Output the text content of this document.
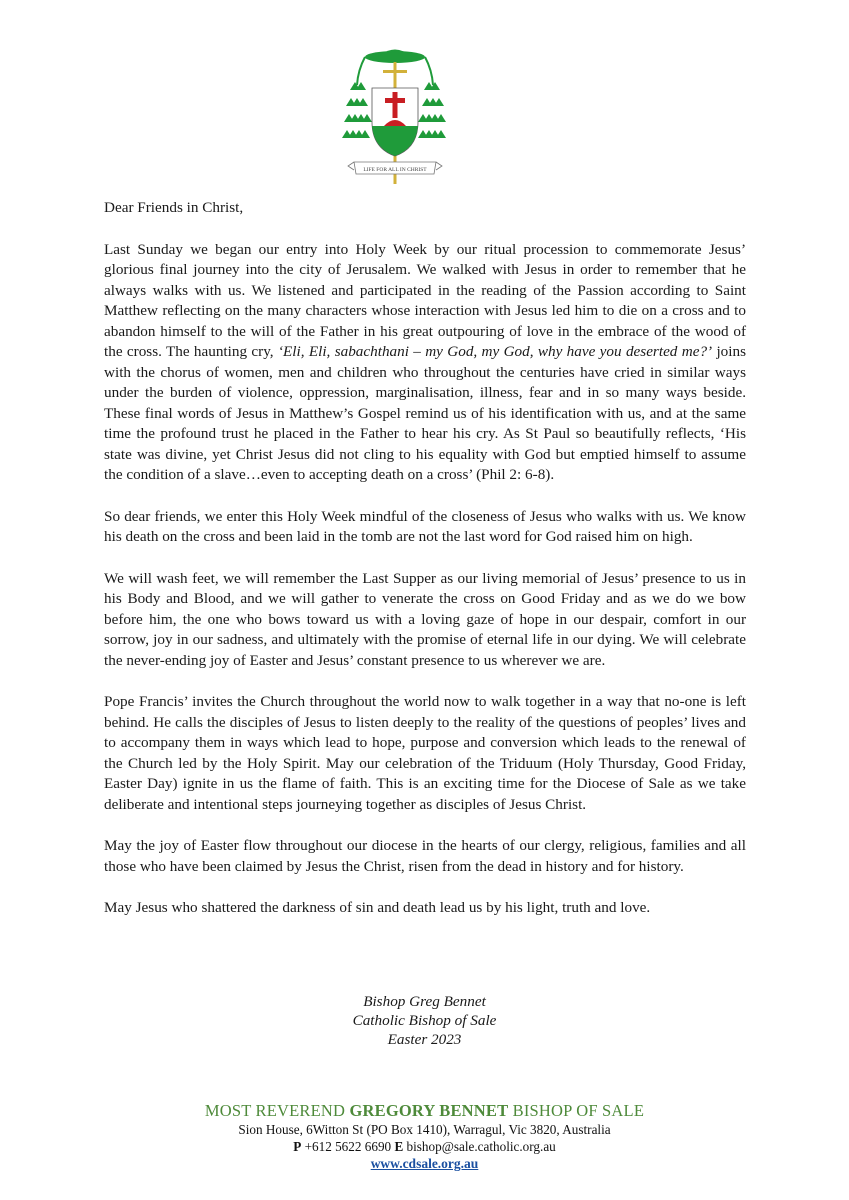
LIFE FOR ALL IN CHRIST

Dear Friends in Christ,

Last Sunday we began our entry into Holy Week by our ritual procession to commemorate Jesus’ glorious final journey into the city of Jerusalem. We walked with Jesus in order to remember that he always walks with us. We listened and participated in the reading of the Passion according to Saint Matthew reflecting on the many characters whose interaction with Jesus led him to die on a cross and to abandon himself to the will of the Father in his great outpouring of love in the embrace of the wood of the cross. The haunting cry, ‘Eli, Eli, sabachthani – my God, my God, why have you deserted me?’ joins with the chorus of women, men and children who throughout the centuries have cried in similar ways under the burden of violence, oppression, marginalisation, illness, fear and in so many ways beside. These final words of Jesus in Matthew’s Gospel remind us of his identification with us, and at the same time the profound trust he placed in the Father to hear his cry. As St Paul so beautifully reflects, ‘His state was divine, yet Christ Jesus did not cling to his equality with God but emptied himself to assume the condition of a slave…even to accepting death on a cross’ (Phil 2: 6-8).

So dear friends, we enter this Holy Week mindful of the closeness of Jesus who walks with us. We know his death on the cross and been laid in the tomb are not the last word for God raised him on high.

We will wash feet, we will remember the Last Supper as our living memorial of Jesus’ presence to us in his Body and Blood, and we will gather to venerate the cross on Good Friday and as we do we bow before him, the one who bows toward us with a loving gaze of hope in our despair, comfort in our sorrow, joy in our sadness, and ultimately with the promise of eternal life in our dying. We will celebrate the never-ending joy of Easter and Jesus’ constant presence to us wherever we are.

Pope Francis’ invites the Church throughout the world now to walk together in a way that no-one is left behind. He calls the disciples of Jesus to listen deeply to the reality of the questions of peoples’ lives and to accompany them in ways which lead to hope, purpose and conversion which leads to the renewal of the Church led by the Holy Spirit. May our celebration of the Triduum (Holy Thursday, Good Friday, Easter Day) ignite in us the flame of faith. This is an exciting time for the Diocese of Sale as we take deliberate and intentional steps journeying together as disciples of Jesus Christ.

May the joy of Easter flow throughout our diocese in the hearts of our clergy, religious, families and all those who have been claimed by Jesus the Christ, risen from the dead in history and for history.

May Jesus who shattered the darkness of sin and death lead us by his light, truth and love.

Bishop Greg Bennet
Catholic Bishop of Sale
Easter 2023
MOST REVEREND GREGORY BENNET BISHOP OF SALE
Sion House, 6Witton St (PO Box 1410), Warragul, Vic 3820, Australia
P +612 5622 6690 E bishop@sale.catholic.org.au
www.cdsale.org.au
